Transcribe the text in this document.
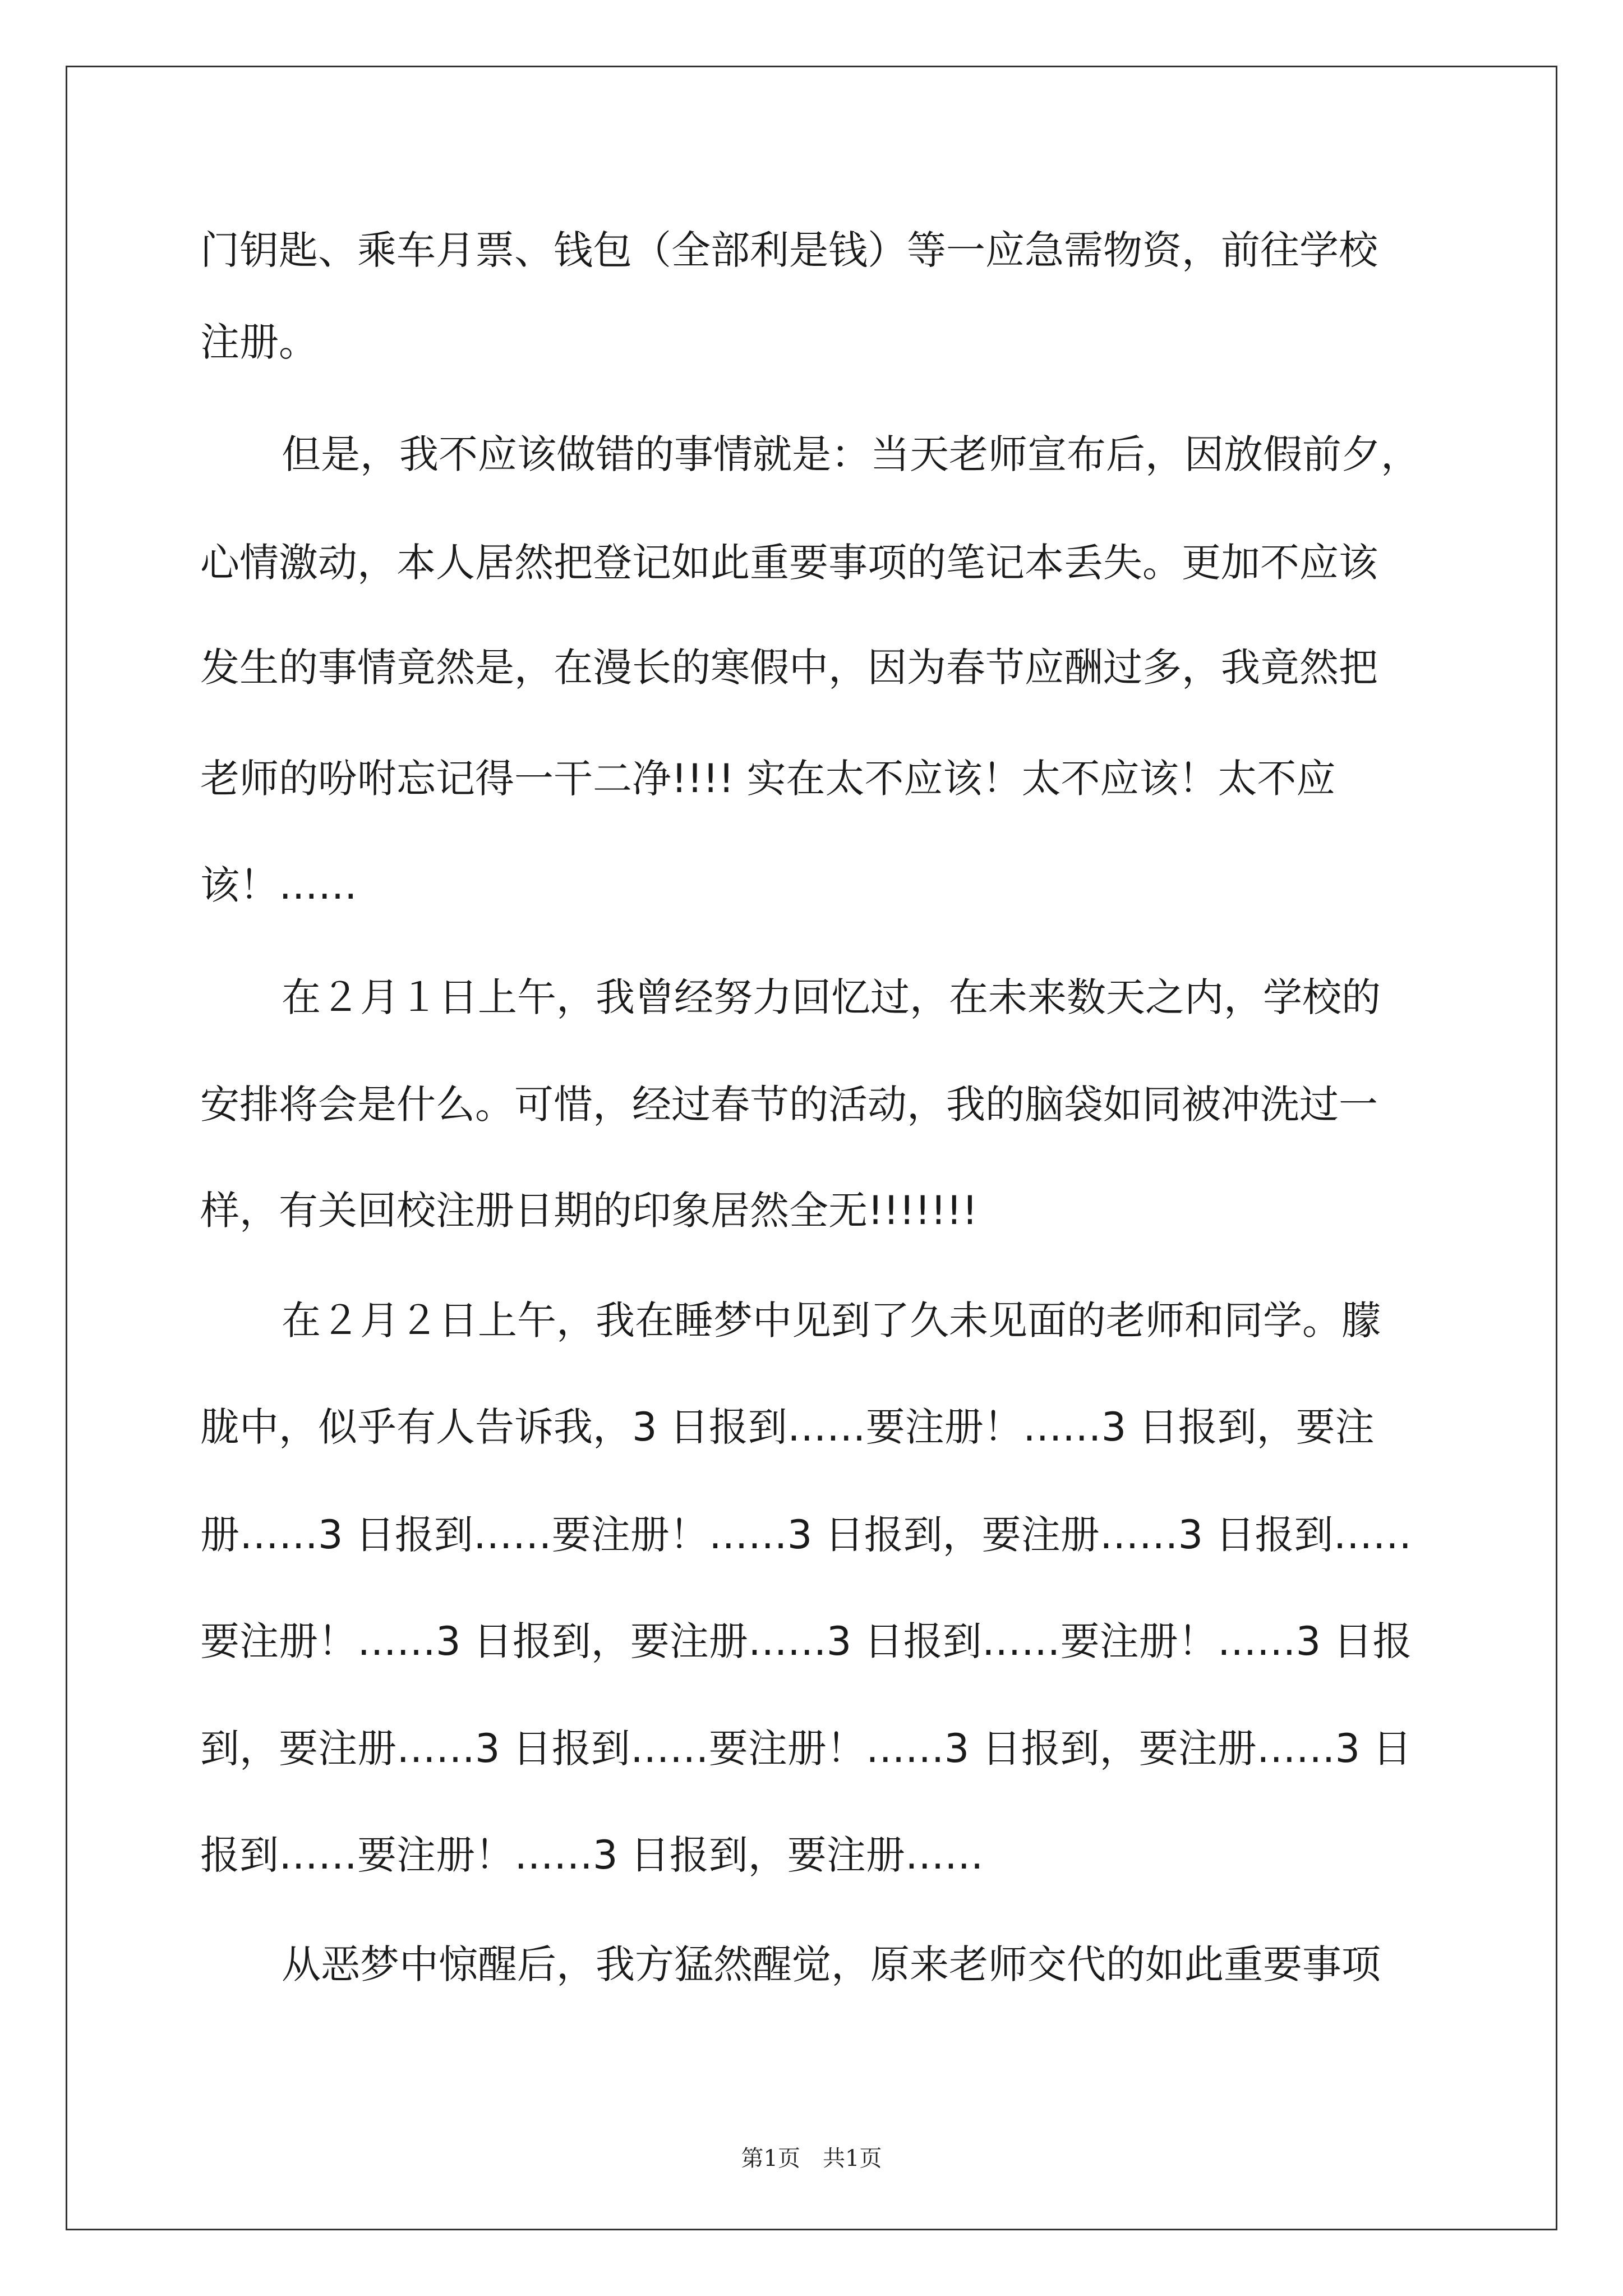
门钥匙、乘车月票、钱包（全部利是钱）等一应急需物资，前往学校
注册。
但是，我不应该做错的事情就是：当天老师宣布后，因放假前夕，
心情激动，本人居然把登记如此重要事项的笔记本丢失。更加不应该
发生的事情竟然是，在漫长的寒假中，因为春节应酬过多，我竟然把
老师的吩咐忘记得一干二净!!!! 实在太不应该！太不应该！太不应
该！……
在２月１日上午，我曾经努力回忆过，在未来数天之内，学校的
安排将会是什么。可惜，经过春节的活动，我的脑袋如同被冲洗过一
样，有关回校注册日期的印象居然全无!!!!!!!
在２月２日上午，我在睡梦中见到了久未见面的老师和同学。朦
胧中，似乎有人告诉我，3 日报到……要注册！……3 日报到，要注
册……3 日报到……要注册！……3 日报到，要注册……3 日报到……
要注册！……3 日报到，要注册……3 日报到……要注册！……3 日报
到，要注册……3 日报到……要注册！……3 日报到，要注册……3 日
报到……要注册！……3 日报到，要注册……
从恶梦中惊醒后，我方猛然醒觉，原来老师交代的如此重要事项
第1页 共1页
